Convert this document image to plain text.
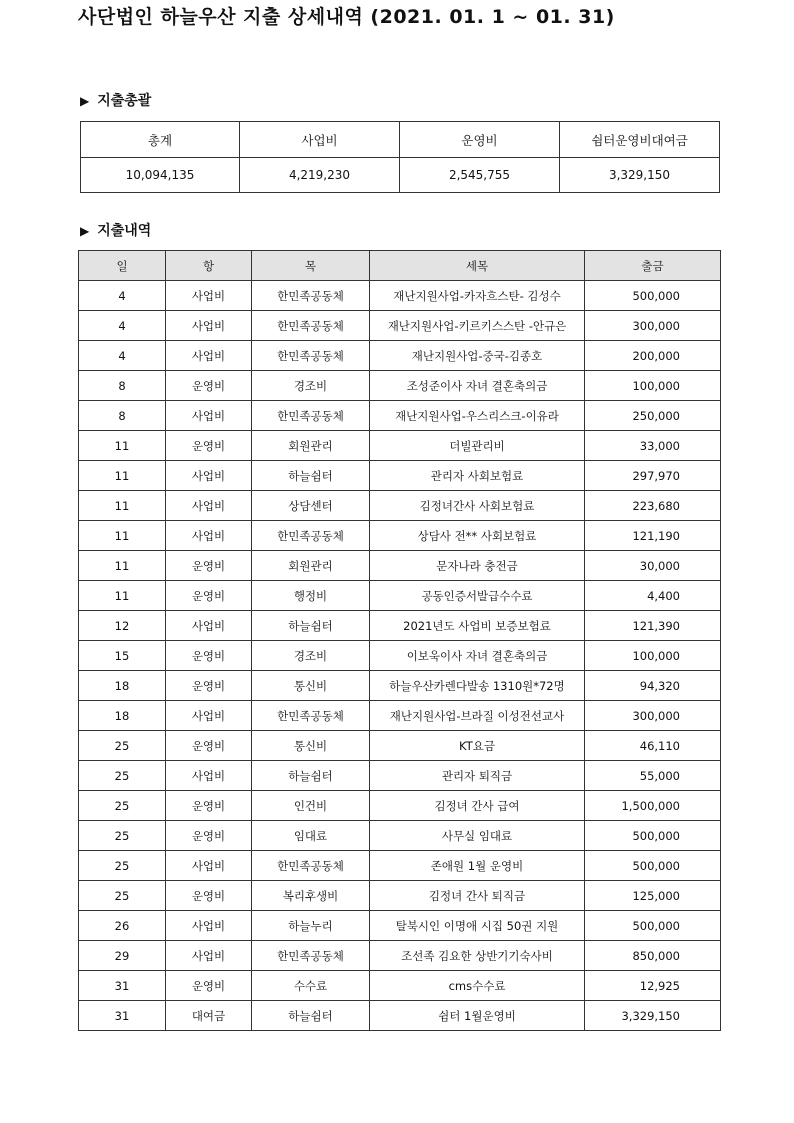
사단법인 하늘우산 지출 상세내역 (2021. 01. 1 ~ 01. 31)
▶ 지출총괄
총계	사업비	운영비	쉼터운영비대여금
10,094,135	4,219,230	2,545,755	3,329,150
▶ 지출내역
일	항	목	세목	출금
4	사업비	한민족공동체	재난지원사업-카자흐스탄- 김성수	500,000
4	사업비	한민족공동체	재난지원사업-키르키스스탄 -안규은	300,000
4	사업비	한민족공동체	재난지원사업-중국-김종호	200,000
8	운영비	경조비	조성준이사 자녀 결혼축의금	100,000
8	사업비	한민족공동체	재난지원사업-우스리스크-이유라	250,000
11	운영비	회원관리	더빌관리비	33,000
11	사업비	하늘쉼터	관리자 사회보험료	297,970
11	사업비	상담센터	김정녀간사 사회보험료	223,680
11	사업비	한민족공동체	상담사 전** 사회보험료	121,190
11	운영비	회원관리	문자나라 충전금	30,000
11	운영비	행정비	공동인증서발급수수료	4,400
12	사업비	하늘쉼터	2021년도 사업비 보증보험료	121,390
15	운영비	경조비	이보욱이사 자녀 결혼축의금	100,000
18	운영비	통신비	하늘우산카렌다발송 1310원*72명	94,320
18	사업비	한민족공동체	재난지원사업-브라질 이성전선교사	300,000
25	운영비	통신비	KT요금	46,110
25	사업비	하늘쉼터	관리자 퇴직금	55,000
25	운영비	인건비	김정녀 간사 급여	1,500,000
25	운영비	임대료	사무실 임대료	500,000
25	사업비	한민족공동체	존애원 1월 운영비	500,000
25	운영비	복리후생비	김정녀 간사 퇴직금	125,000
26	사업비	하늘누리	탈북시인 이명애 시집 50권 지원	500,000
29	사업비	한민족공동체	조선족 김요한 상반기기숙사비	850,000
31	운영비	수수료	cms수수료	12,925
31	대여금	하늘쉼터	쉼터 1월운영비	3,329,150
